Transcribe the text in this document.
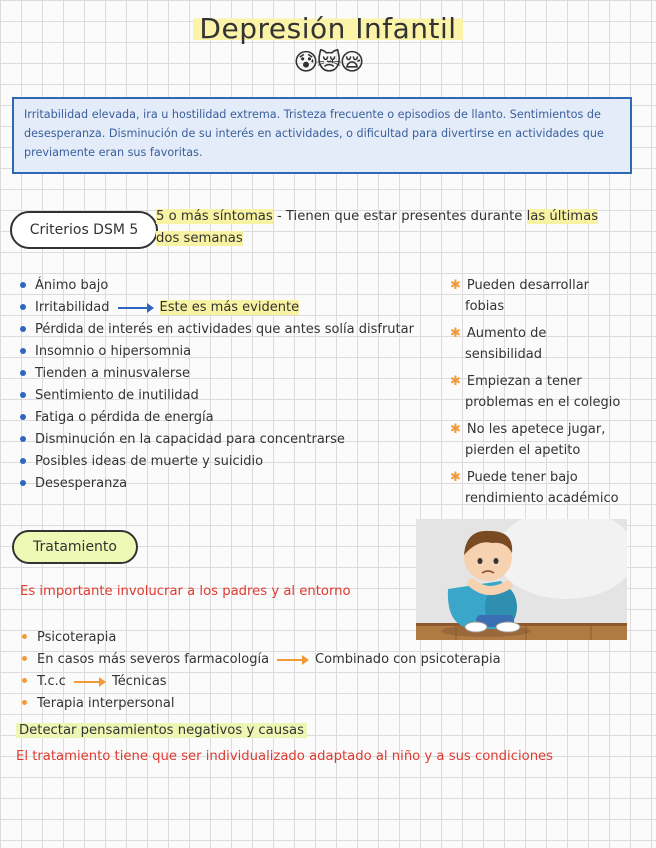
Depresión Infantil
😰😿😪
Irritabilidad elevada, ira u hostilidad extrema. Tristeza frecuente o episodios de llanto. Sentimientos de desesperanza. Disminución de su interés en actividades, o dificultad para divertirse en actividades que previamente eran sus favoritas.
Criterios DSM 5
5 o más síntomas - Tienen que estar presentes durante las últimas
dos semanas
Ánimo bajo
Irritabilidad	Este es más evidente
Pérdida de interés en actividades que antes solía disfrutar
Insomnio o hipersomnia
Tienden a minusvalerse
Sentimiento de inutilidad
Fatiga o pérdida de energía
Disminución en la capacidad para concentrarse
Posibles ideas de muerte y suicidio
Desesperanza
✱ Pueden desarrollar
fobias
✱ Aumento de
sensibilidad
✱ Empiezan a tener
problemas en el colegio
✱ No les apetece jugar,
pierden el apetito
✱ Puede tener bajo
rendimiento académico
Tratamiento
Es importante involucrar a los padres y al entorno
Psicoterapia
En casos más severos farmacología	Combinado con psicoterapia
T.c.c	Técnicas
Terapia interpersonal
Detectar pensamientos negativos y causas
El tratamiento tiene que ser individualizado adaptado al niño y a sus condiciones
